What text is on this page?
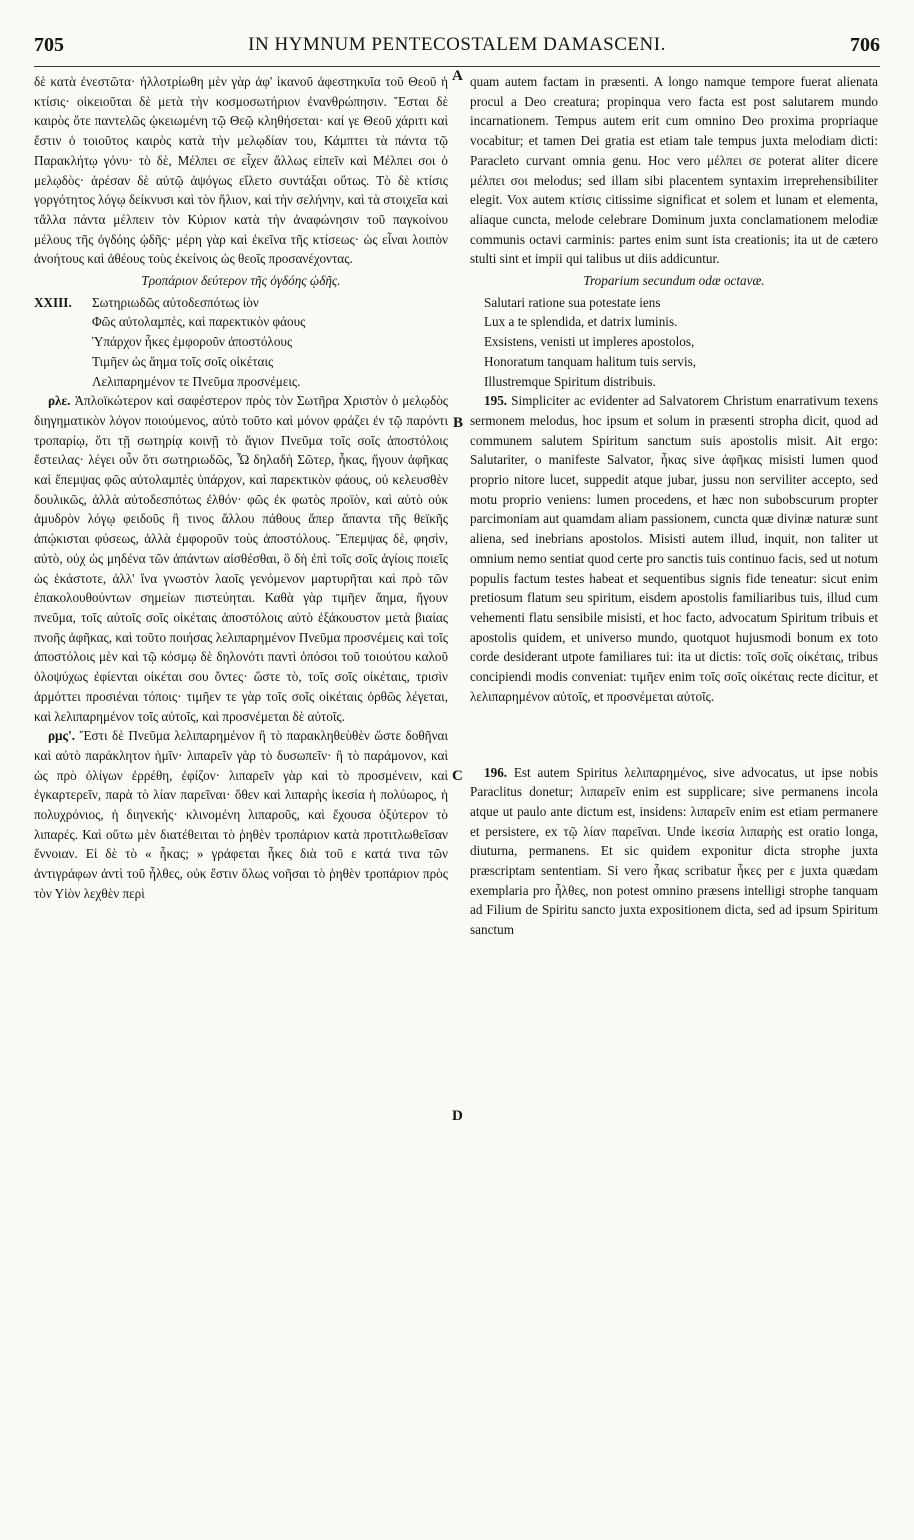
705	IN HYMNUM PENTECOSTALEM DAMASCENI.	706
A
B
C
D

δὲ κατὰ ἐνεστῶτα· ἠλλοτρίωθη μὲν γὰρ ἀφ' ἱκανοῦ ἀφεστηκυῖα τοῦ Θεοῦ ἡ κτίσις· οἰκειοῦται δὲ μετὰ τὴν κοσμοσωτήριον ἐνανθρώπησιν. Ἔσται δὲ καιρὸς ὅτε παντελῶς ᾠκειωμένη τῷ Θεῷ κληθήσεται· καί γε Θεοῦ χάριτι καὶ ἔστιν ὁ τοιοῦτος καιρὸς κατὰ τὴν μελῳδίαν του, Κάμπτει τὰ πάντα τῷ Παρακλήτῳ γόνυ· τὸ δὲ, Μέλπει σε εἶχεν ἄλλως εἰπεῖν καὶ Μέλπει σοι ὁ μελῳδὸς· ἀρέσαν δὲ αὐτῷ ἀψόγως εἵλετο συντάξαι οὕτως. Τὸ δὲ κτίσις γοργότητος λόγῳ δείκνυσι καὶ τὸν ἥλιον, καὶ τὴν σελήνην, καὶ τὰ στοιχεῖα καὶ τἄλλα πάντα μέλπειν τὸν Κύριον κατὰ τὴν ἀναφώνησιν τοῦ παγκοίνου μέλους τῆς ὀγδόης ᾠδῆς· μέρη γὰρ καὶ ἐκεῖνα τῆς κτίσεως· ὡς εἶναι λοιπὸν ἀνοήτους καὶ ἀθέους τοὺς ἐκείνοις ὡς θεοῖς προσανέχοντας.

Τροπάριον δεύτερον τῆς ὀγδόης ᾠδῆς.

XXIII.	Σωτηριωδῶς αὐτοδεσπότως ἰὸν

Φῶς αὐτολαμπὲς, καὶ παρεκτικὸν φάους

Ὑπάρχον ἧκες ἐμφοροῦν ἀποστόλους

Τιμῆεν ὡς ἄημα τοῖς σοῖς οἰκέταις

Λελιπαρημένον τε Πνεῦμα προσνέμεις.

ρλε. Ἁπλοϊκώτερον καὶ σαφέστερον πρὸς τὸν Σωτῆρα Χριστὸν ὁ μελῳδὸς διηγηματικὸν λόγον ποιούμενος, αὐτὸ τοῦτο καὶ μόνον φράζει ἐν τῷ παρόντι τροπαρίῳ, ὅτι τῇ σωτηρίᾳ κοινῇ τὸ ἅγιον Πνεῦμα τοῖς σοῖς ἀποστόλοις ἔστειλας· λέγει οὖν ὅτι σωτηριωδῶς, Ὦ δηλαδὴ Σῶτερ, ἧκας, ἤγουν ἀφῆκας καὶ ἔπεμψας φῶς αὐτολαμπὲς ὑπάρχον, καὶ παρεκτικὸν φάους, οὐ κελευσθὲν δουλικῶς, ἀλλὰ αὐτοδεσπότως ἐλθόν· φῶς ἐκ φωτὸς προϊὸν, καὶ αὐτὸ οὐκ ἀμυδρὸν λόγῳ φειδοῦς ἢ τινος ἄλλου πάθους ἅπερ ἅπαντα τῆς θεϊκῆς ἀπῴκισται φύσεως, ἀλλὰ ἐμφοροῦν τοὺς ἀποστόλους. Ἔπεμψας δὲ, φησὶν, αὐτὸ, οὐχ ὡς μηδένα τῶν ἁπάντων αἰσθέσθαι, ὃ δὴ ἐπὶ τοῖς σοῖς ἁγίοις ποιεῖς ὡς ἑκάστοτε, ἀλλ' ἵνα γνωστὸν λαοῖς γενόμενον μαρτυρῆται καὶ πρὸ τῶν ἐπακολουθούντων σημείων πιστεύηται. Καθὰ γὰρ τιμῆεν ἄημα, ἤγουν πνεῦμα, τοῖς αὐτοῖς σοῖς οἰκέταις ἀποστόλοις αὐτὸ ἐξάκουστον μετὰ βιαίας πνοῆς ἀφῆκας, καὶ τοῦτο ποιήσας λελιπαρημένον Πνεῦμα προσνέμεις καὶ τοῖς ἀποστόλοις μὲν καὶ τῷ κόσμῳ δὲ δηλονότι παντὶ ὁπόσοι τοῦ τοιούτου καλοῦ ὀλοψύχως ἐφίενται οἰκέται σου ὄντες· ὥστε τὸ, τοῖς σοῖς οἰκέταις, τρισὶν ἁρμόττει προσιέναι τόποις· τιμῆεν τε γὰρ τοῖς σοῖς οἰκέταις ὀρθῶς λέγεται, καὶ λελιπαρημένον τοῖς αὐτοῖς, καὶ προσνέμεται δὲ αὐτοῖς.

ρμς'. Ἔστι δὲ Πνεῦμα λελιπαρημένον ἢ τὸ παρακληθεὺθὲν ὥστε δοθῆναι καὶ αὐτὸ παράκλητον ἡμῖν· λιπαρεῖν γὰρ τὸ δυσωπεῖν· ἢ τὸ παράμονον, καὶ ὡς πρὸ ὀλίγων ἐρρέθη, ἐφίζον· λιπαρεῖν γὰρ καὶ τὸ προσμένειν, καὶ ἐγκαρτερεῖν, παρὰ τὸ λίαν παρεῖναι· ὅθεν καὶ λιπαρὴς ἱκεσία ἡ πολύωρος, ἡ πολυχρόνιος, ἡ διηνεκής· κλινομένη λιπαροῦς, καὶ ἔχουσα ὀξύτερον τὸ λιπαρές. Καὶ οὕτω μὲν διατέθειται τὸ ῥηθὲν τροπάριον κατὰ προτιτλωθεῖσαν ἔννοιαν. Εἰ δὲ τὸ « ἧκας; » γράφεται ἧκες διὰ τοῦ ε κατά τινα τῶν ἀντιγράφων ἀντὶ τοῦ ἧλθες, οὐκ ἔστιν ὅλως νοῆσαι τὸ ῥηθὲν τροπάριον πρὸς τὸν Υἱὸν λεχθὲν περὶ

quam autem factam in præsenti. A longo namque tempore fuerat alienata procul a Deo creatura; propinqua vero facta est post salutarem mundo incarnationem. Tempus autem erit cum omnino Deo proxima propriaque vocabitur; et tamen Dei gratia est etiam tale tempus juxta melodiam dicti: Paracleto curvant omnia genu. Hoc vero μέλπει σε poterat aliter dicere μέλπει σοι melodus; sed illam sibi placentem syntaxim irreprehensibiliter elegit. Vox autem κτίσις citissime significat et solem et lunam et elementa, aliaque cuncta, melode celebrare Dominum juxta conclamationem melodiæ communis octavi carminis: partes enim sunt ista creationis; ita ut de cætero stulti sint et impii qui talibus ut diis addicuntur.

Troparium secundum odæ octavæ.

Salutari ratione sua potestate iens

Lux a te splendida, et datrix luminis.

Exsistens, venisti ut impleres apostolos,

Honoratum tanquam halitum tuis servis,

Illustremque Spiritum distribuis.

195. Simpliciter ac evidenter ad Salvatorem Christum enarrativum texens sermonem melodus, hoc ipsum et solum in præsenti stropha dicit, quod ad communem salutem Spiritum sanctum suis apostolis misit. Ait ergo: Salutariter, o manifeste Salvator, ἧκας sive ἀφῆκας misisti lumen quod proprio nitore lucet, suppedit atque jubar, jussu non serviliter accepto, sed motu proprio veniens: lumen procedens, et hæc non subobscurum propter parcimoniam aut quamdam aliam passionem, cuncta quæ divinæ naturæ sunt aliena, sed inebrians apostolos. Misisti autem illud, inquit, non taliter ut omnium nemo sentiat quod certe pro sanctis tuis continuo facis, sed ut notum populis factum testes habeat et sequentibus signis fide teneatur: sicut enim pretiosum flatum seu spiritum, eisdem apostolis familiaribus tuis, illud cum vehementi flatu sensibile misisti, et hoc facto, advocatum Spiritum tribuis et apostolis quidem, et universo mundo, quotquot hujusmodi bonum ex toto corde desiderant utpote familiares tui: ita ut dictis: τοῖς σοῖς οἰκέταις, tribus concipiendi modis conveniat: τιμῆεν enim τοῖς σοῖς οἰκέταις recte dicitur, et λελιπαρημένον αὐτοῖς, et προσνέμεται αὐτοῖς.

196. Est autem Spiritus λελιπαρημένος, sive advocatus, ut ipse nobis Paraclitus donetur; λιπαρεῖν enim est supplicare; sive permanens incola atque ut paulo ante dictum est, insidens: λιπαρεῖν enim est etiam permanere et persistere, ex τῷ λίαν παρεῖναι. Unde ἱκεσία λιπαρὴς est oratio longa, diuturna, permanens. Et sic quidem exponitur dicta strophe juxta præscriptam sententiam. Si vero ἧκας scribatur ἧκες per ε juxta quædam exemplaria pro ἦλθες, non potest omnino præsens intelligi strophe tanquam ad Filium de Spiritu sancto juxta expositionem dicta, sed ad ipsum Spiritum sanctum
